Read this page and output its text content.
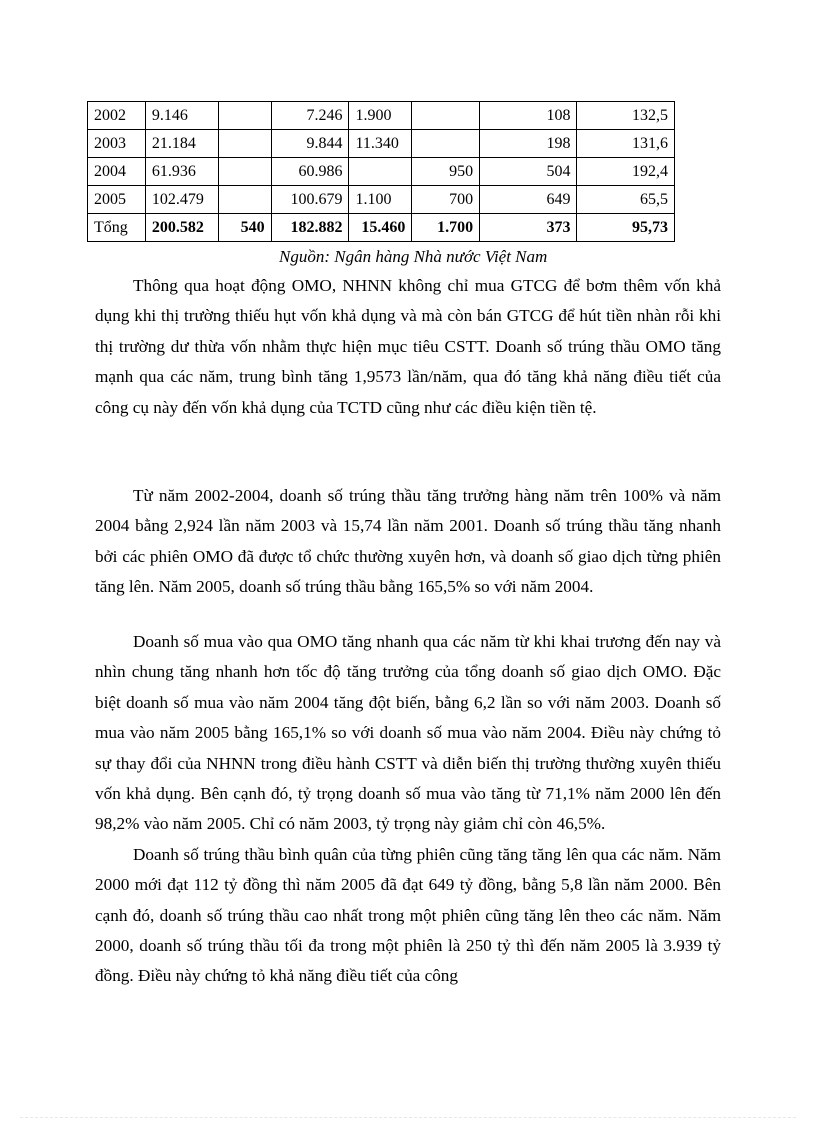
2002	9.146		7.246	1.900		108	132,5
2003	21.184		9.844	11.340		198	131,6
2004	61.936		60.986		950	504	192,4
2005	102.479		100.679	1.100	700	649	65,5
Tổng	200.582	540	182.882	15.460	1.700	373	95,73
Nguồn: Ngân hàng Nhà nước Việt Nam

Thông qua hoạt động OMO, NHNN không chỉ mua GTCG để bơm thêm vốn khả dụng khi thị trường thiếu hụt vốn khả dụng và mà còn bán GTCG để hút tiền nhàn rỗi khi thị trường dư thừa vốn nhằm thực hiện mục tiêu CSTT. Doanh số trúng thầu OMO tăng mạnh qua các năm, trung bình tăng 1,9573 lần/năm, qua đó tăng khả năng điều tiết của công cụ này đến vốn khả dụng của TCTD cũng như các điều kiện tiền tệ.

Từ năm 2002-2004, doanh số trúng thầu tăng trưởng hàng năm trên 100% và năm 2004 bằng 2,924 lần năm 2003 và 15,74 lần năm 2001. Doanh số trúng thầu tăng nhanh bởi các phiên OMO đã được tổ chức thường xuyên hơn, và doanh số giao dịch từng phiên tăng lên. Năm 2005, doanh số trúng thầu bằng 165,5% so với năm 2004.

Doanh số mua vào qua OMO tăng nhanh qua các năm từ khi khai trương đến nay và nhìn chung tăng nhanh hơn tốc độ tăng trưởng của tổng doanh số giao dịch OMO. Đặc biệt doanh số mua vào năm 2004 tăng đột biến, bằng 6,2 lần so với năm 2003. Doanh số mua vào năm 2005 bằng 165,1% so với doanh số mua vào năm 2004. Điều này chứng tỏ sự thay đổi của NHNN trong điều hành CSTT và diễn biến thị trường thường xuyên thiếu vốn khả dụng. Bên cạnh đó, tỷ trọng doanh số mua vào tăng từ 71,1% năm 2000 lên đến 98,2% vào năm 2005. Chỉ có năm 2003, tỷ trọng này giảm chỉ còn 46,5%.

Doanh số trúng thầu bình quân của từng phiên cũng tăng tăng lên qua các năm. Năm 2000 mới đạt 112 tỷ đồng thì năm 2005 đã đạt 649 tỷ đồng, bằng 5,8 lần năm 2000. Bên cạnh đó, doanh số trúng thầu cao nhất trong một phiên cũng tăng lên theo các năm. Năm 2000, doanh số trúng thầu tối đa trong một phiên là 250 tỷ thì đến năm 2005 là 3.939 tỷ đồng. Điều này chứng tỏ khả năng điều tiết của công
